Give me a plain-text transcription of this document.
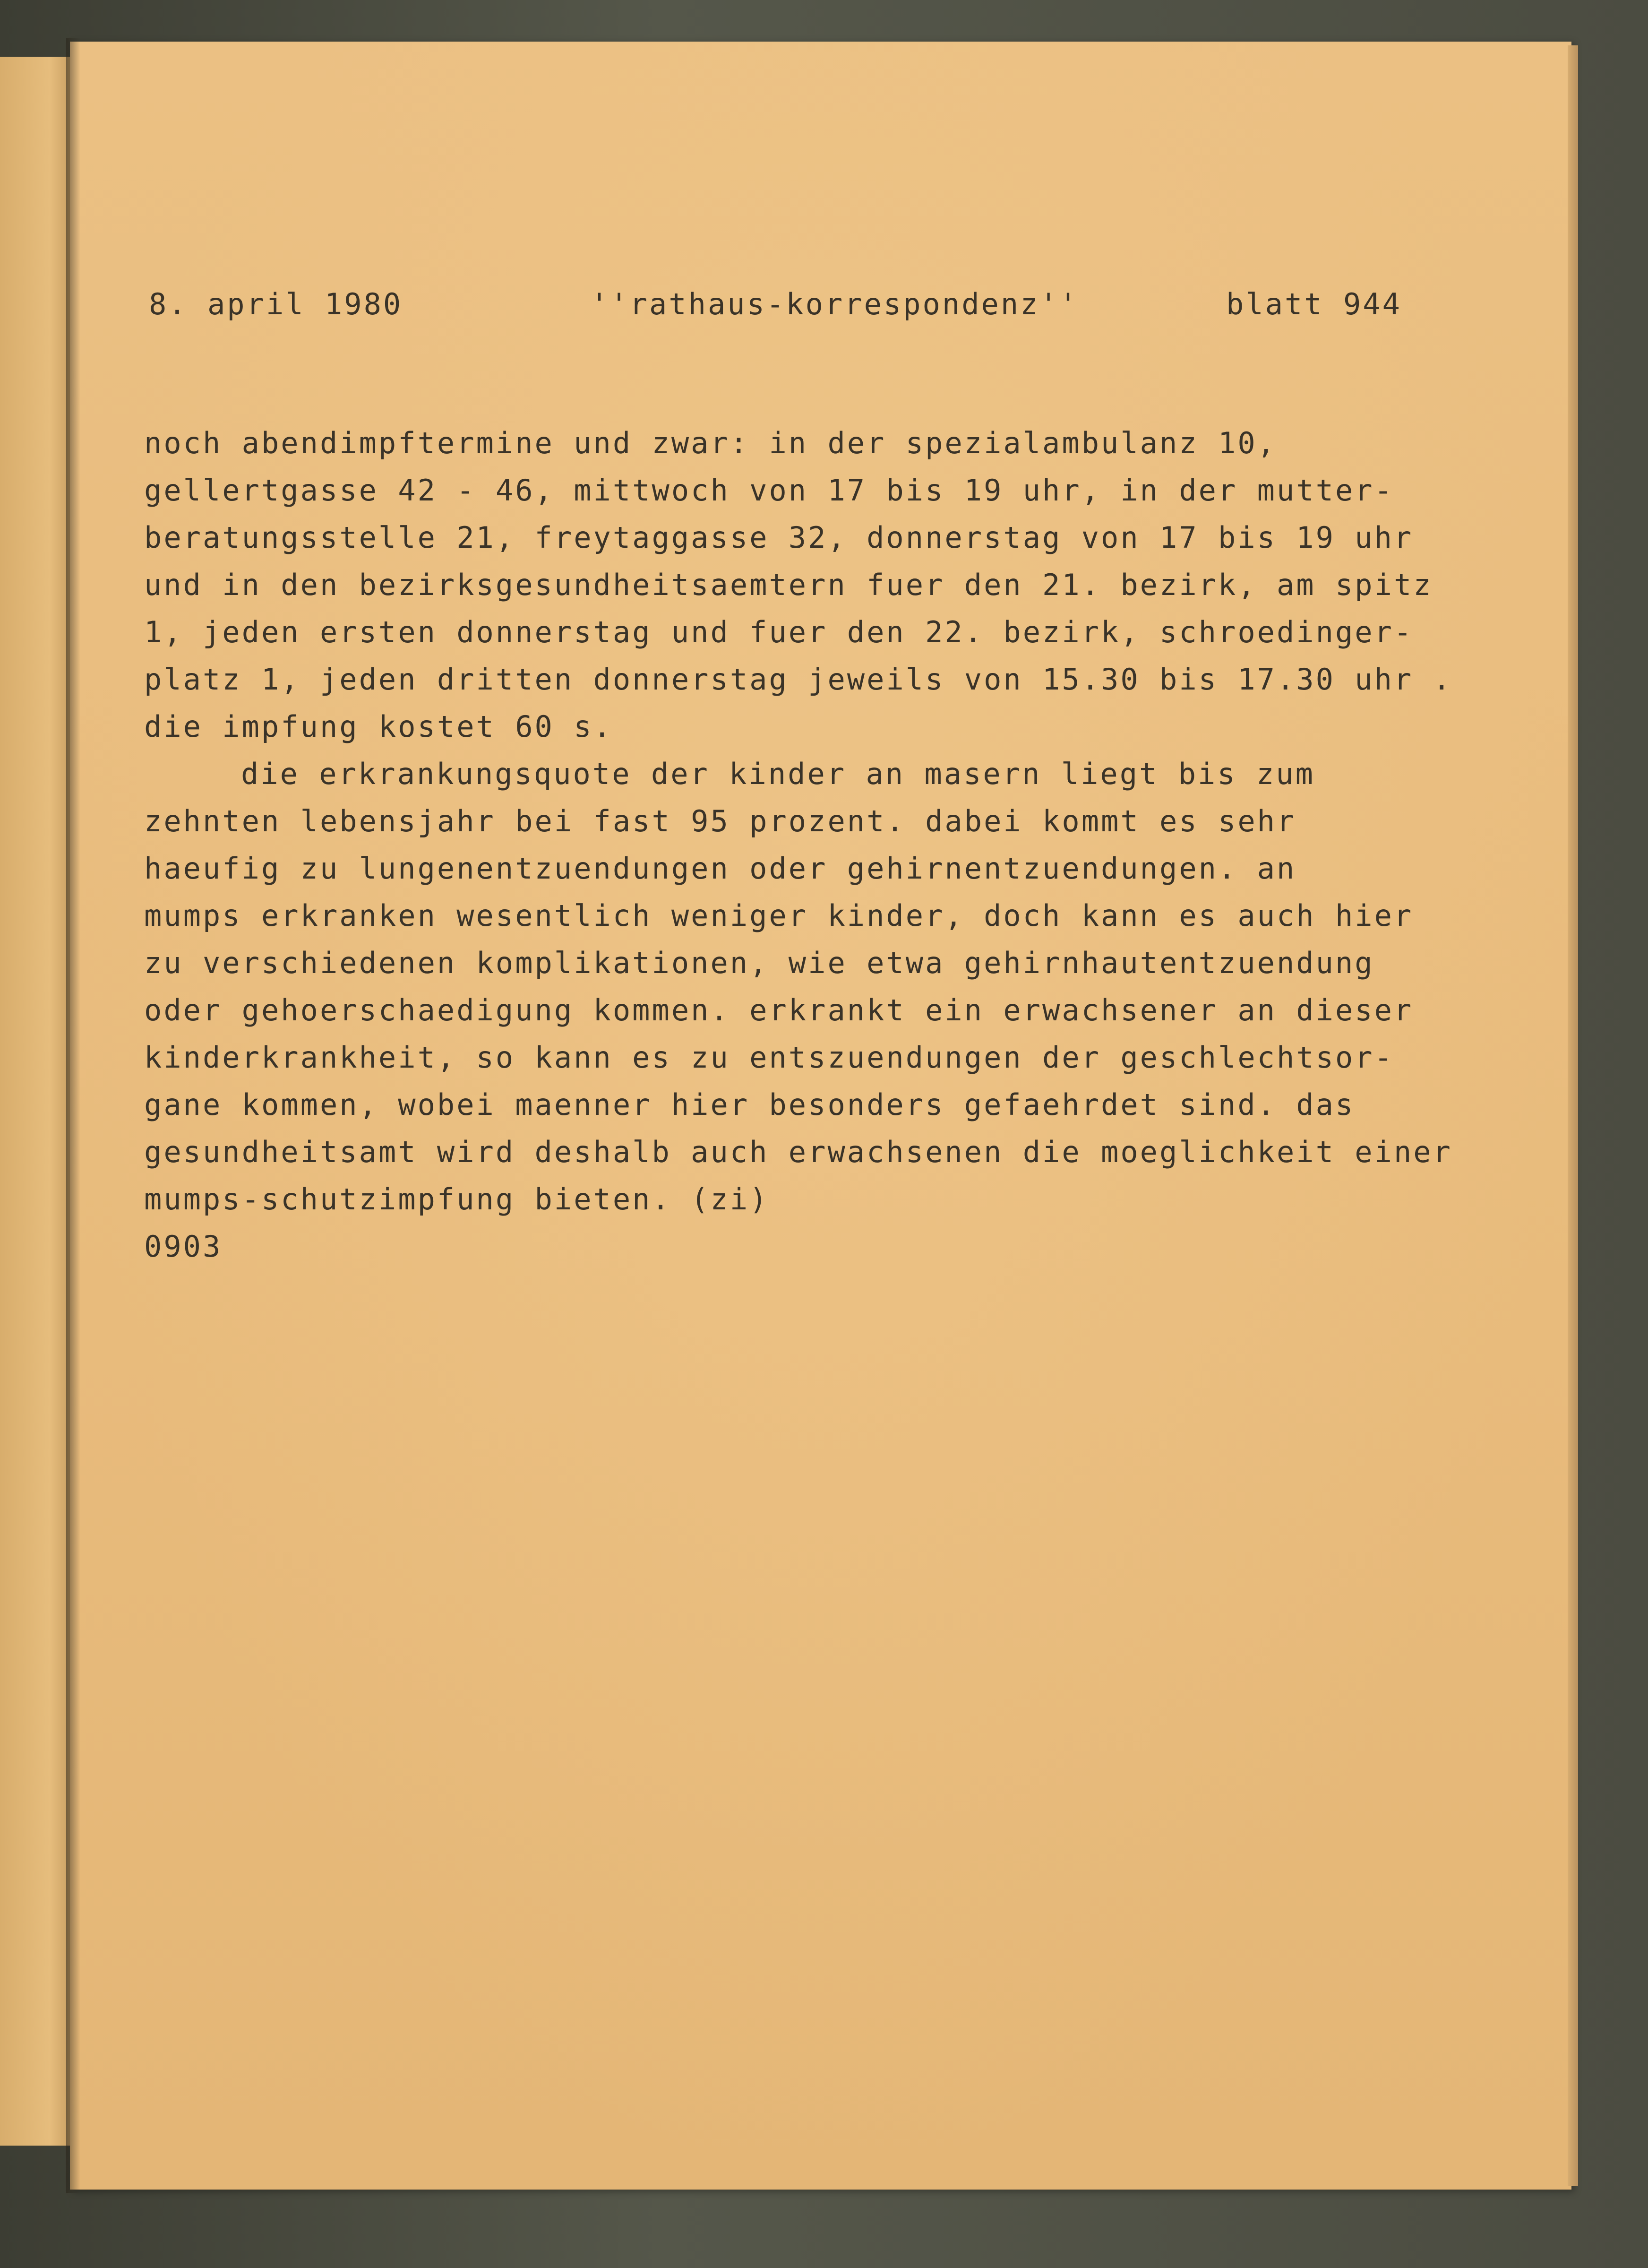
8. april 1980	''rathaus-korrespondenz''	blatt 944
noch abendimpftermine und zwar: in der spezialambulanz 10,
gellertgasse 42 - 46, mittwoch von 17 bis 19 uhr, in der mutter-
beratungsstelle 21, freytaggasse 32, donnerstag von 17 bis 19 uhr
und in den bezirksgesundheitsaemtern fuer den 21. bezirk, am spitz
1, jeden ersten donnerstag und fuer den 22. bezirk, schroedinger-
platz 1, jeden dritten donnerstag jeweils von 15.30 bis 17.30 uhr .
die impfung kostet 60 s.
die erkrankungsquote der kinder an masern liegt bis zum
zehnten lebensjahr bei fast 95 prozent. dabei kommt es sehr
haeufig zu lungenentzuendungen oder gehirnentzuendungen. an
mumps erkranken wesentlich weniger kinder, doch kann es auch hier
zu verschiedenen komplikationen, wie etwa gehirnhautentzuendung
oder gehoerschaedigung kommen. erkrankt ein erwachsener an dieser
kinderkrankheit, so kann es zu entszuendungen der geschlechtsor-
gane kommen, wobei maenner hier besonders gefaehrdet sind. das
gesundheitsamt wird deshalb auch erwachsenen die moeglichkeit einer
mumps-schutzimpfung bieten. (zi)
0903
